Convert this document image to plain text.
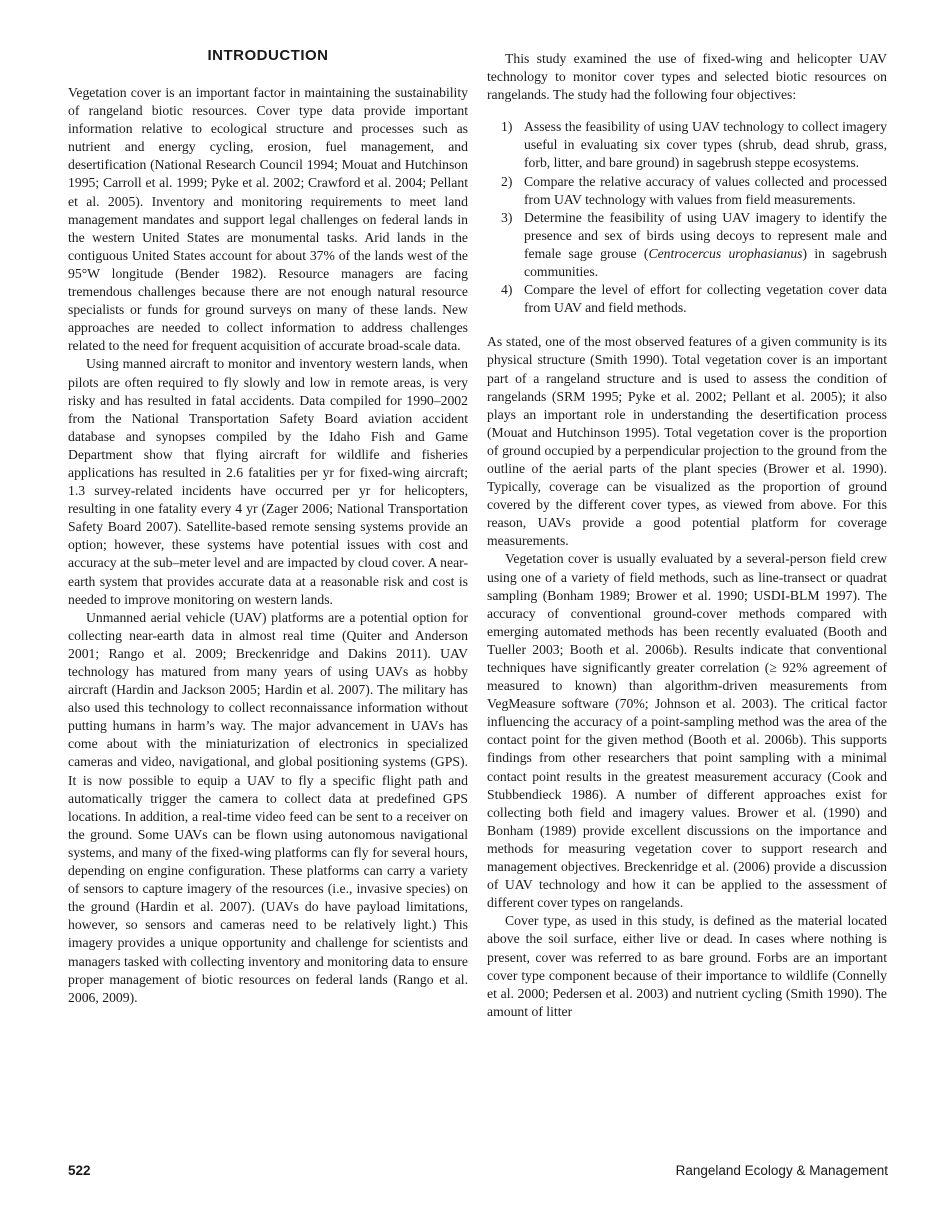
INTRODUCTION

Vegetation cover is an important factor in maintaining the sustainability of rangeland biotic resources. Cover type data provide important information relative to ecological structure and processes such as nutrient and energy cycling, erosion, fuel management, and desertification (National Research Council 1994; Mouat and Hutchinson 1995; Carroll et al. 1999; Pyke et al. 2002; Crawford et al. 2004; Pellant et al. 2005). Inventory and monitoring requirements to meet land management mandates and support legal challenges on federal lands in the western United States are monumental tasks. Arid lands in the contiguous United States account for about 37% of the lands west of the 95°W longitude (Bender 1982). Resource managers are facing tremendous challenges because there are not enough natural resource specialists or funds for ground surveys on many of these lands. New approaches are needed to collect information to address challenges related to the need for frequent acquisition of accurate broad-scale data.

Using manned aircraft to monitor and inventory western lands, when pilots are often required to fly slowly and low in remote areas, is very risky and has resulted in fatal accidents. Data compiled for 1990–2002 from the National Transportation Safety Board aviation accident database and synopses compiled by the Idaho Fish and Game Department show that flying aircraft for wildlife and fisheries applications has resulted in 2.6 fatalities per yr for fixed-wing aircraft; 1.3 survey-related incidents have occurred per yr for helicopters, resulting in one fatality every 4 yr (Zager 2006; National Transportation Safety Board 2007). Satellite-based remote sensing systems provide an option; however, these systems have potential issues with cost and accuracy at the sub–meter level and are impacted by cloud cover. A near-earth system that provides accurate data at a reasonable risk and cost is needed to improve monitoring on western lands.

Unmanned aerial vehicle (UAV) platforms are a potential option for collecting near-earth data in almost real time (Quiter and Anderson 2001; Rango et al. 2009; Breckenridge and Dakins 2011). UAV technology has matured from many years of using UAVs as hobby aircraft (Hardin and Jackson 2005; Hardin et al. 2007). The military has also used this technology to collect reconnaissance information without putting humans in harm’s way. The major advancement in UAVs has come about with the miniaturization of electronics in specialized cameras and video, navigational, and global positioning systems (GPS). It is now possible to equip a UAV to fly a specific flight path and automatically trigger the camera to collect data at predefined GPS locations. In addition, a real-time video feed can be sent to a receiver on the ground. Some UAVs can be flown using autonomous navigational systems, and many of the fixed-wing platforms can fly for several hours, depending on engine configuration. These platforms can carry a variety of sensors to capture imagery of the resources (i.e., invasive species) on the ground (Hardin et al. 2007). (UAVs do have payload limitations, however, so sensors and cameras need to be relatively light.) This imagery provides a unique opportunity and challenge for scientists and managers tasked with collecting inventory and monitoring data to ensure proper management of biotic resources on federal lands (Rango et al. 2006, 2009).

This study examined the use of fixed-wing and helicopter UAV technology to monitor cover types and selected biotic resources on rangelands. The study had the following four objectives:

1) Assess the feasibility of using UAV technology to collect imagery useful in evaluating six cover types (shrub, dead shrub, grass, forb, litter, and bare ground) in sagebrush steppe ecosystems.
2) Compare the relative accuracy of values collected and processed from UAV technology with values from field measurements.
3) Determine the feasibility of using UAV imagery to identify the presence and sex of birds using decoys to represent male and female sage grouse (Centrocercus urophasianus) in sagebrush communities.
4) Compare the level of effort for collecting vegetation cover data from UAV and field methods.

As stated, one of the most observed features of a given community is its physical structure (Smith 1990). Total vegetation cover is an important part of a rangeland structure and is used to assess the condition of rangelands (SRM 1995; Pyke et al. 2002; Pellant et al. 2005); it also plays an important role in understanding the desertification process (Mouat and Hutchinson 1995). Total vegetation cover is the proportion of ground occupied by a perpendicular projection to the ground from the outline of the aerial parts of the plant species (Brower et al. 1990). Typically, coverage can be visualized as the proportion of ground covered by the different cover types, as viewed from above. For this reason, UAVs provide a good potential platform for coverage measurements.

Vegetation cover is usually evaluated by a several-person field crew using one of a variety of field methods, such as line-transect or quadrat sampling (Bonham 1989; Brower et al. 1990; USDI-BLM 1997). The accuracy of conventional ground-cover methods compared with emerging automated methods has been recently evaluated (Booth and Tueller 2003; Booth et al. 2006b). Results indicate that conventional techniques have significantly greater correlation (≥ 92% agreement of measured to known) than algorithm-driven measurements from VegMeasure software (70%; Johnson et al. 2003). The critical factor influencing the accuracy of a point-sampling method was the area of the contact point for the given method (Booth et al. 2006b). This supports findings from other researchers that point sampling with a minimal contact point results in the greatest measurement accuracy (Cook and Stubbendieck 1986). A number of different approaches exist for collecting both field and imagery values. Brower et al. (1990) and Bonham (1989) provide excellent discussions on the importance and methods for measuring vegetation cover to support research and management objectives. Breckenridge et al. (2006) provide a discussion of UAV technology and how it can be applied to the assessment of different cover types on rangelands.

Cover type, as used in this study, is defined as the material located above the soil surface, either live or dead. In cases where nothing is present, cover was referred to as bare ground. Forbs are an important cover type component because of their importance to wildlife (Connelly et al. 2000; Pedersen et al. 2003) and nutrient cycling (Smith 1990). The amount of litter

522	Rangeland Ecology & Management
